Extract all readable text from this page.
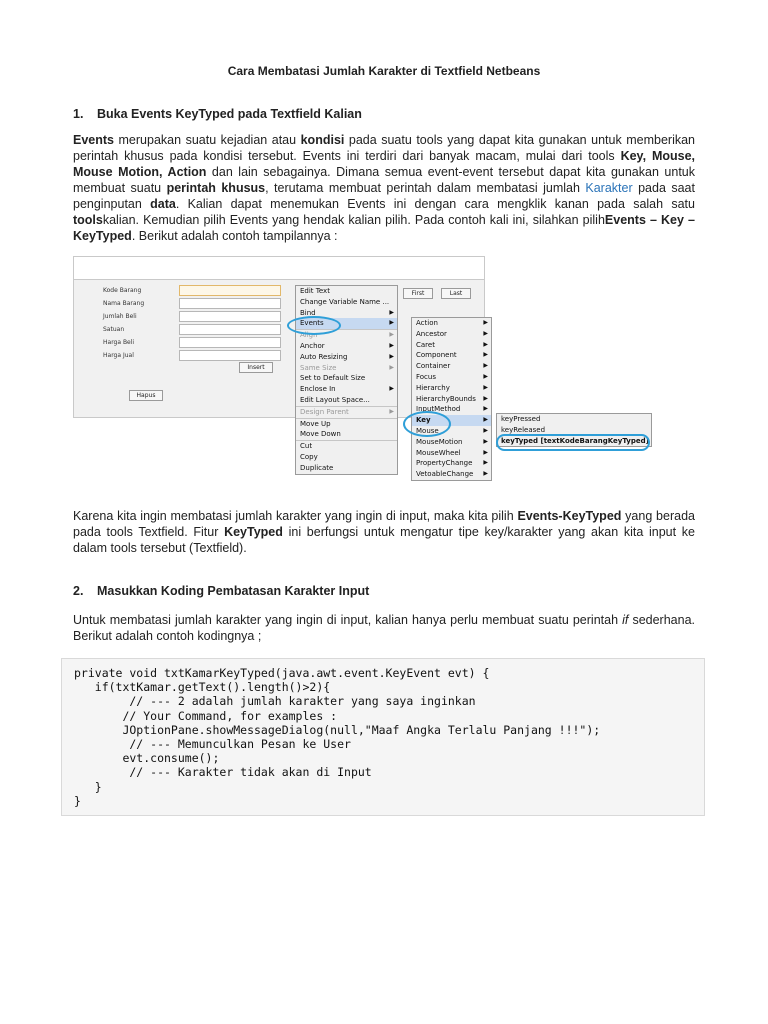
Cara Membatasi Jumlah Karakter di Textfield Netbeans
1. Buka Events KeyTyped pada Textfield Kalian
Events merupakan suatu kejadian atau kondisi pada suatu tools yang dapat kita gunakan untuk memberikan perintah khusus pada kondisi tersebut. Events ini terdiri dari banyak macam, mulai dari tools Key, Mouse, Mouse Motion, Action dan lain sebagainya. Dimana semua event-event tersebut dapat kita gunakan untuk membuat suatu perintah khusus, terutama membuat perintah dalam membatasi jumlah Karakter pada saat penginputan data. Kalian dapat menemukan Events ini dengan cara mengklik kanan pada salah satu toolskalian. Kemudian pilih Events yang hendak kalian pilih. Pada contoh kali ini, silahkan pilihEvents – Key – KeyTyped. Berikut adalah contoh tampilannya :
Kode Barang
Nama Barang
Jumlah Beli
Satuan
Harga Beli
Harga Jual
First	Last
Insert
Hapus
Edit Text
Change Variable Name ...
Bind	▶
Events	▶
Align	▶
Anchor	▶
Auto Resizing	▶
Same Size	▶
Set to Default Size
Enclose In	▶
Edit Layout Space...
Design Parent	▶
Move Up
Move Down
Cut
Copy
Duplicate
Action	▶
Ancestor	▶
Caret	▶
Component	▶
Container	▶
Focus	▶
Hierarchy	▶
HierarchyBounds ▶
InputMethod	▶
Key	▶
Mouse	▶
MouseMotion	▶
MouseWheel	▶
PropertyChange ▶
VetoableChange ▶
keyPressed
keyReleased
keyTyped [textKodeBarangKeyTyped]
Karena kita ingin membatasi jumlah karakter yang ingin di input, maka kita pilih Events-KeyTyped yang berada pada tools Textfield. Fitur KeyTyped ini berfungsi untuk mengatur tipe key/karakter yang akan kita input ke dalam tools tersebut (Textfield).
2. Masukkan Koding Pembatasan Karakter Input
Untuk membatasi jumlah karakter yang ingin di input, kalian hanya perlu membuat suatu perintah if sederhana. Berikut adalah contoh kodingnya ;
private void txtKamarKeyTyped(java.awt.event.KeyEvent evt) {
if(txtKamar.getText().length()>2){
// --- 2 adalah jumlah karakter yang saya inginkan
// Your Command, for examples :
JOptionPane.showMessageDialog(null,"Maaf Angka Terlalu Panjang !!!");
// --- Memunculkan Pesan ke User
evt.consume();
// --- Karakter tidak akan di Input
}
}
